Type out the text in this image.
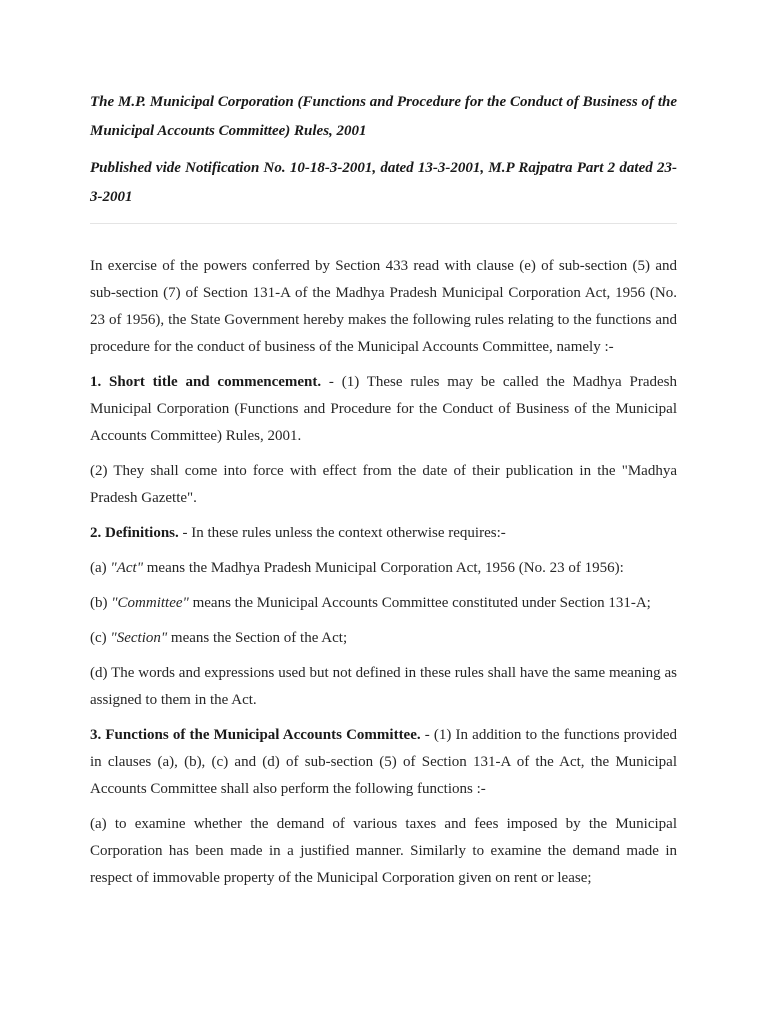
The M.P. Municipal Corporation (Functions and Procedure for the Conduct of Business of the Municipal Accounts Committee) Rules, 2001

Published vide Notification No. 10-18-3-2001, dated 13-3-2001, M.P Rajpatra Part 2 dated 23-3-2001

In exercise of the powers conferred by Section 433 read with clause (e) of sub-section (5) and sub-section (7) of Section 131-A of the Madhya Pradesh Municipal Corporation Act, 1956 (No. 23 of 1956), the State Government hereby makes the following rules relating to the functions and procedure for the conduct of business of the Municipal Accounts Committee, namely :-

1. Short title and commencement. - (1) These rules may be called the Madhya Pradesh Municipal Corporation (Functions and Procedure for the Conduct of Business of the Municipal Accounts Committee) Rules, 2001.

(2) They shall come into force with effect from the date of their publication in the "Madhya Pradesh Gazette".

2. Definitions. - In these rules unless the context otherwise requires:-

(a) "Act" means the Madhya Pradesh Municipal Corporation Act, 1956 (No. 23 of 1956):

(b) "Committee" means the Municipal Accounts Committee constituted under Section 131-A;

(c) "Section" means the Section of the Act;

(d) The words and expressions used but not defined in these rules shall have the same meaning as assigned to them in the Act.

3. Functions of the Municipal Accounts Committee. - (1) In addition to the functions provided in clauses (a), (b), (c) and (d) of sub-section (5) of Section 131-A of the Act, the Municipal Accounts Committee shall also perform the following functions :-

(a) to examine whether the demand of various taxes and fees imposed by the Municipal Corporation has been made in a justified manner. Similarly to examine the demand made in respect of immovable property of the Municipal Corporation given on rent or lease;
